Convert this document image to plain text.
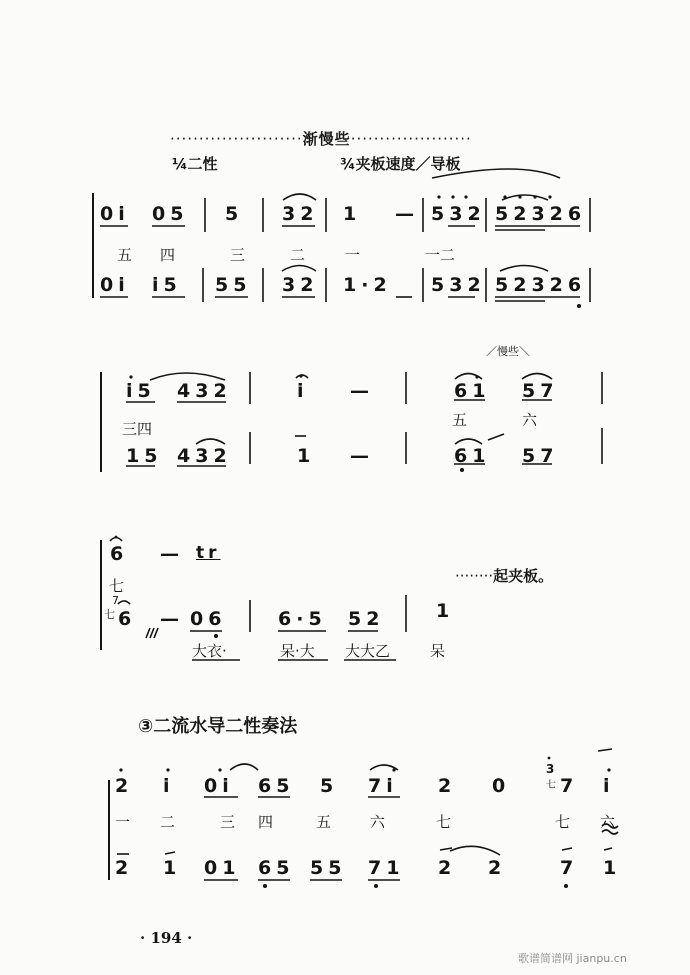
·······················渐慢些·····················
¼二性	¾夹板速度／导板
0i 05 5 32 1 — 532 52326
五 四	三	二	一	一二
0i i5 55 32 1·2 532 52326
／慢些＼
i5 432	i —	61 57
三四	五	六
15 432	1 —	61 57
6 — tr
········起夹板。
七
7
七 6 — 06	6·5 52	1
大衣·	呆·大 大大乙	呆
③二流水导二性奏法
2 i 0i 65 5 7i 2 0
3
七 7 i
一 二	三 四	五	六	七	七 六
2 1 01 65 55 71 2 2	7 1
· 194 ·
歌谱简谱网 jianpu.cn
